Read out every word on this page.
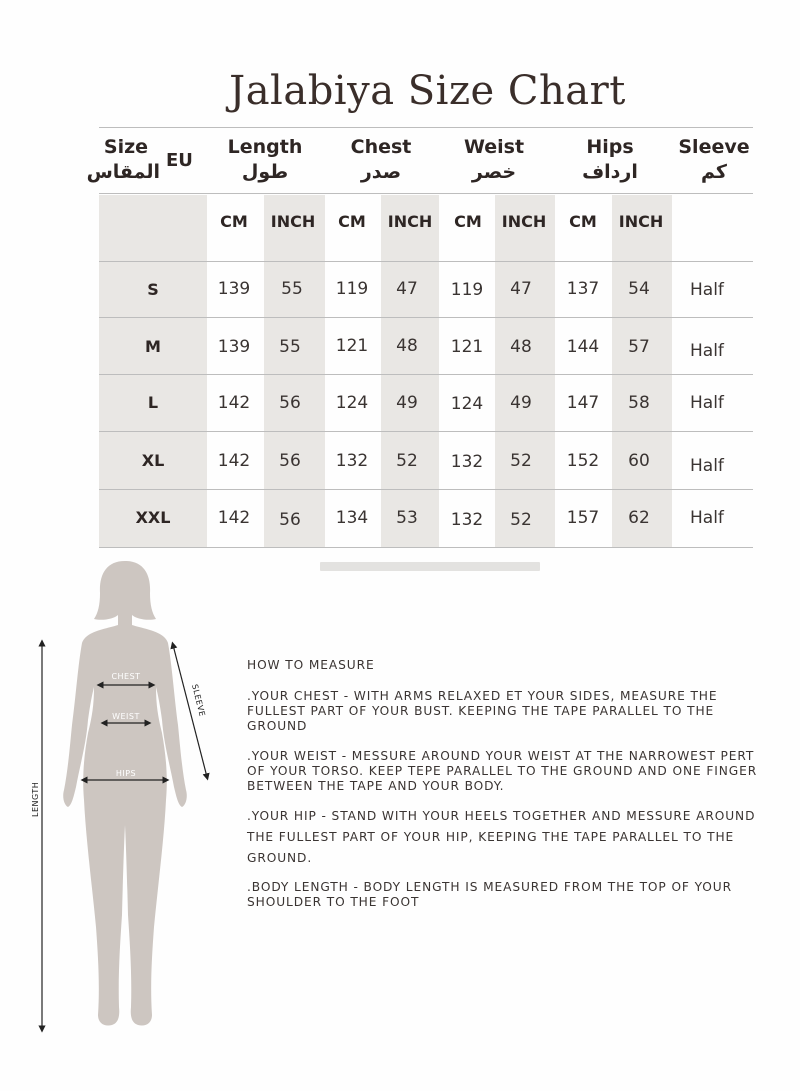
Jalabiya Size Chart
Size
المقاس
EU
Length
طول
Chest
صدر
Weist
خصر
Hips
ارداف
Sleeve
كم
CM	INCH	CM	INCH	CM	INCH	CM	INCH
S	139	55	119	47	119	47	137	54	Half
M	139	55	121	48	121	48	144	57	Half
L	142	56	124	49	124	49	147	58	Half
XL	142	56	132	52	132	52	152	60	Half
XXL	142	56	134	53	132	52	157	62	Half
CHEST
WEIST
HIPS
SLEEVE
LENGTH
HOW TO MEASURE
.YOUR CHEST - WITH ARMS RELAXED ET YOUR SIDES, MEASURE THE FULLEST PART OF YOUR BUST. KEEPING THE TAPE PARALLEL TO THE GROUND
.YOUR WEIST - MESSURE AROUND YOUR WEIST AT THE NARROWEST PERT OF YOUR TORSO. KEEP TEPE PARALLEL TO THE GROUND AND ONE FINGER BETWEEN THE TAPE AND YOUR BODY.
.YOUR HIP - STAND WITH YOUR HEELS TOGETHER AND MESSURE AROUND THE FULLEST PART OF YOUR HIP, KEEPING THE TAPE PARALLEL TO THE GROUND.
.BODY LENGTH - BODY LENGTH IS MEASURED FROM THE TOP OF YOUR SHOULDER TO THE FOOT
